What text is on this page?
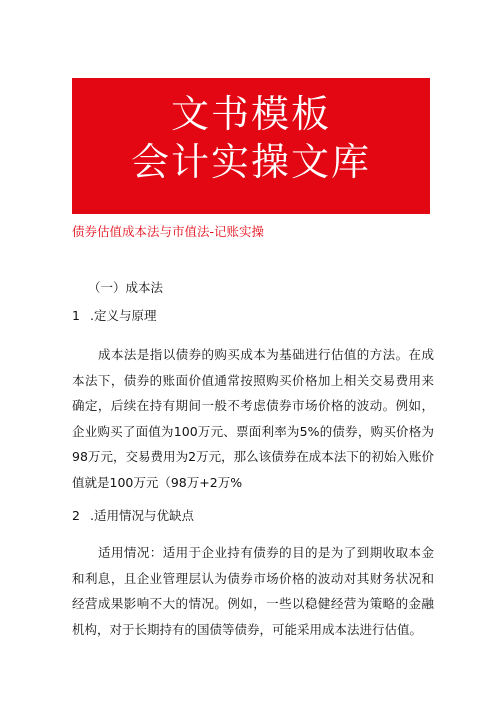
文书模板
会计实操文库
债券估值成本法与市值法-记账实操
（一）成本法
1 .定义与原理
成本法是指以债券的购买成本为基础进行估值的方法。在成本法下，债券的账面价值通常按照购买价格加上相关交易费用来确定，后续在持有期间一般不考虑债券市场价格的波动。例如，企业购买了面值为100万元、票面利率为5%的债券，购买价格为98万元，交易费用为2万元，那么该债券在成本法下的初始入账价值就是100万元（98万+2万%
2 .适用情况与优缺点
适用情况：适用于企业持有债券的目的是为了到期收取本金和利息，且企业管理层认为债券市场价格的波动对其财务状况和经营成果影响不大的情况。例如，一些以稳健经营为策略的金融机构，对于长期持有的国债等债券，可能采用成本法进行估值。
